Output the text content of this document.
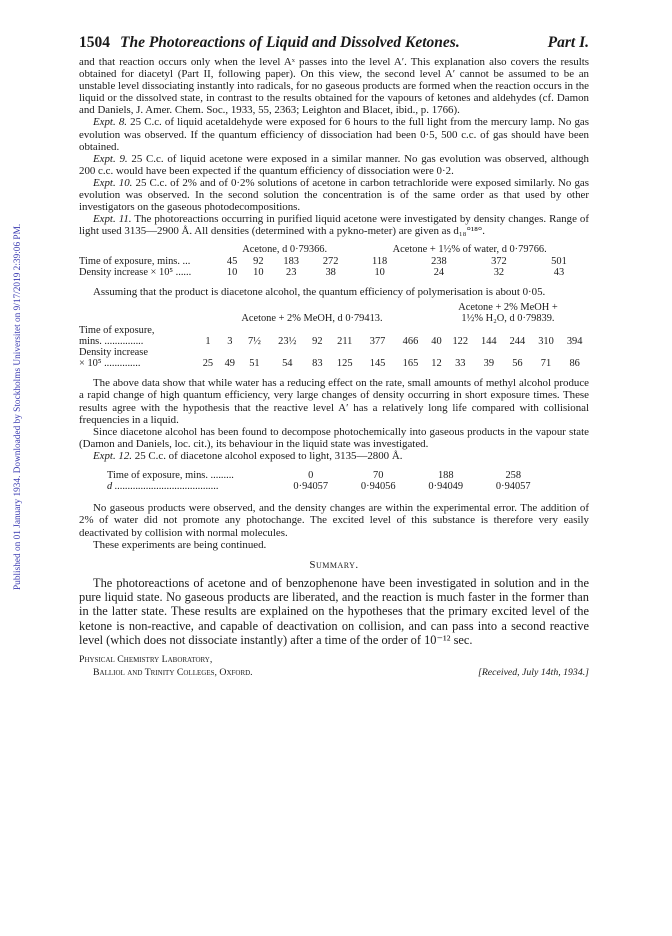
Published on 01 January 1934. Downloaded by Stockholms Universitet on 9/17/2019 2:39:06 PM.
1504 The Photoreactions of Liquid and Dissolved Ketones.	Part I.

and that reaction occurs only when the level Aˣ passes into the level A′. This explanation also covers the results obtained for diacetyl (Part II, following paper). On this view, the second level A′ cannot be assumed to be an unstable level dissociating instantly into radicals, for no gaseous products are formed when the reaction occurs in the liquid or the dissolved state, in contrast to the results obtained for the vapours of ketones and aldehydes (cf. Damon and Daniels, J. Amer. Chem. Soc., 1933, 55, 2363; Leighton and Blacet, ibid., p. 1766).

Expt. 8. 25 C.c. of liquid acetaldehyde were exposed for 6 hours to the full light from the mercury lamp. No gas evolution was observed. If the quantum efficiency of dissociation had been 0·5, 500 c.c. of gas should have been obtained.

Expt. 9. 25 C.c. of liquid acetone were exposed in a similar manner. No gas evolution was observed, although 200 c.c. would have been expected if the quantum efficiency of dissociation were 0·2.

Expt. 10. 25 C.c. of 2% and of 0·2% solutions of acetone in carbon tetrachloride were exposed similarly. No gas evolution was observed. In the second solution the concentration is of the same order as that used by other investigators on the gaseous photodecompositions.

Expt. 11. The photoreactions occurring in purified liquid acetone were investigated by density changes. Range of light used 3135—2900 Å. All densities (determined with a pykno-meter) are given as d₁₈°¹⁸°.

	Acetone, d 0·79366.				Acetone + 1½% of water, d 0·79766.			
Time of exposure, mins. ...	45	92	183	272	118	238	372	501
Density increase × 10⁵ ......	10	10	23	38	10	24	32	43

Assuming that the product is diacetone alcohol, the quantum efficiency of polymerisation is about 0·05.

									Acetone + 2% MeOH +					
	Acetone + 2% MeOH, d 0·79413.								1½% H₂O, d 0·79839.					
Time of exposure,														
mins. ...............	1	3	7½	23½	92	211	377	466	40	122	144	244	310	394
Density increase														
× 10⁵ ..............	25	49	51	54	83	125	145	165	12	33	39	56	71	86

The above data show that while water has a reducing effect on the rate, small amounts of methyl alcohol produce a rapid change of high quantum efficiency, very large changes of density occurring in short exposure times. These results agree with the hypothesis that the reactive level A′ has a relatively long life compared with collisional frequencies in a liquid.

Since diacetone alcohol has been found to decompose photochemically into gaseous products in the vapour state (Damon and Daniels, loc. cit.), its behaviour in the liquid state was investigated.

Expt. 12. 25 C.c. of diacetone alcohol exposed to light, 3135—2800 Å.

Time of exposure, mins. .........	0	70	188	258
d ........................................	0·94057	0·94056	0·94049	0·94057

No gaseous products were observed, and the density changes are within the experimental error. The addition of 2% of water did not promote any photochange. The excited level of this substance is therefore very easily deactivated by collision with normal molecules.

These experiments are being continued.

Summary.

The photoreactions of acetone and of benzophenone have been investigated in solution and in the pure liquid state. No gaseous products are liberated, and the reaction is much faster in the former than in the latter state. These results are explained on the hypotheses that the primary excited level of the ketone is non-reactive, and capable of deactivation on collision, and can pass into a second reactive level (which does not dissociate instantly) after a time of the order of 10⁻¹² sec.

Physical Chemistry Laboratory,
Balliol and Trinity Colleges, Oxford.	[Received, July 14th, 1934.]
